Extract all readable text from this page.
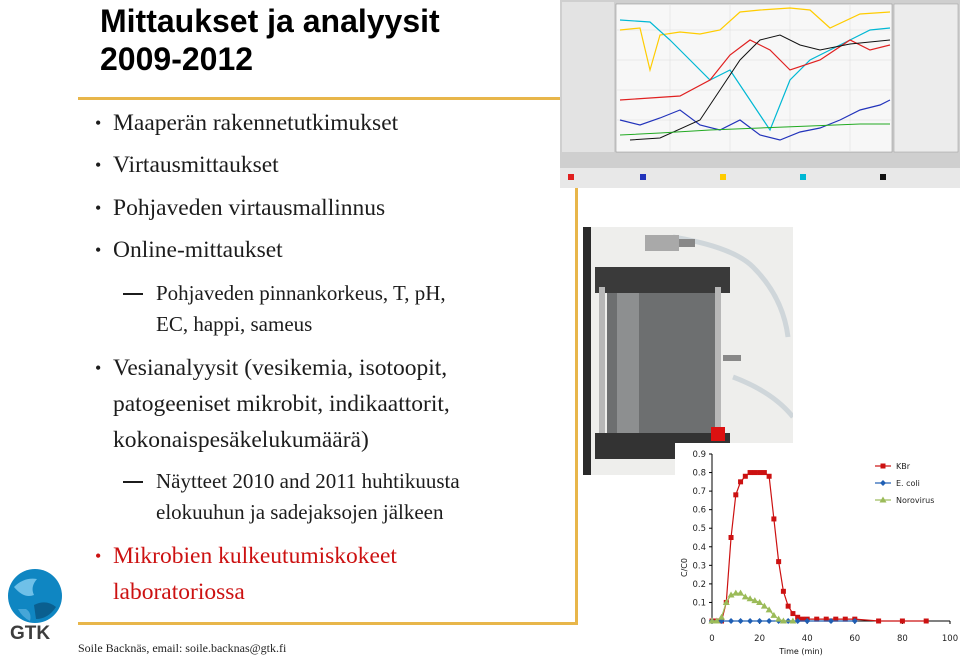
Mittaukset ja analyysit
2009-2012
• Maaperän rakennetutkimukset
• Virtausmittaukset
• Pohjaveden virtausmallinnus
• Online-mittaukset
Pohjaveden pinnankorkeus, T, pH,
EC, happi, sameus
• Vesianalyysit (vesikemia, isotoopit,
patogeeniset mikrobit, indikaattorit,
kokonaispesäkelukumäärä)
Näytteet 2010 and 2011 huhtikuusta
elokuuhun ja sadejaksojen jälkeen
• Mikrobien kulkeutumiskokeet
laboratoriossa
GTK
Soile Backnäs, email: soile.backnas@gtk.fi
0
0.1
0.2
0.3
0.4
0.5
0.6
0.7
0.8
0.9
0	20	40	60	80	100
Time (min)
C/C0
KBr
E. coli
Norovirus
